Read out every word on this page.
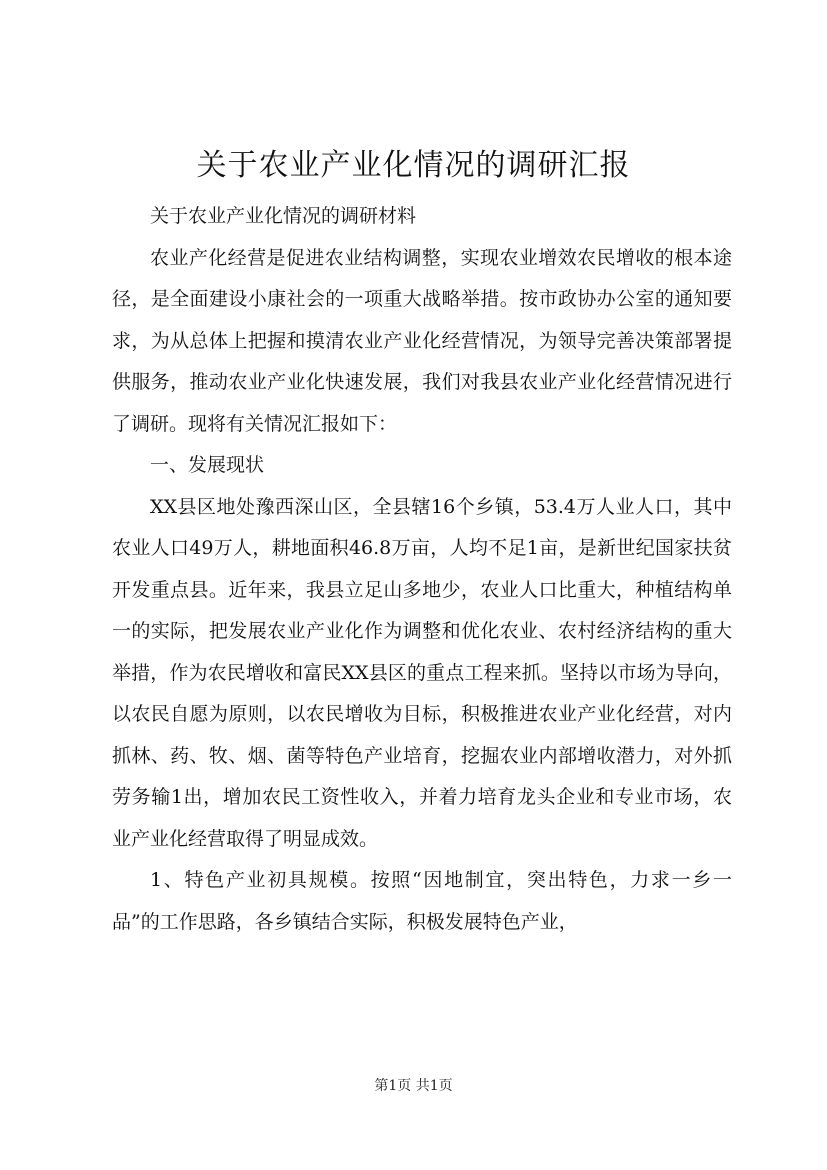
关于农业产业化情况的调研汇报

关于农业产业化情况的调研材料

农业产化经营是促进农业结构调整，实现农业增效农民增收的根本途径，是全面建设小康社会的一项重大战略举措。按市政协办公室的通知要求，为从总体上把握和摸清农业产业化经营情况，为领导完善决策部署提供服务，推动农业产业化快速发展，我们对我县农业产业化经营情况进行了调研。现将有关情况汇报如下：

一、发展现状

XX县区地处豫西深山区，全县辖16个乡镇，53.4万人业人口，其中农业人口49万人，耕地面积46.8万亩，人均不足1亩，是新世纪国家扶贫开发重点县。近年来，我县立足山多地少，农业人口比重大，种植结构单一的实际，把发展农业产业化作为调整和优化农业、农村经济结构的重大举措，作为农民增收和富民XX县区的重点工程来抓。坚持以市场为导向，以农民自愿为原则，以农民增收为目标，积极推进农业产业化经营，对内抓林、药、牧、烟、菌等特色产业培育，挖掘农业内部增收潜力，对外抓劳务输1出，增加农民工资性收入，并着力培育龙头企业和专业市场，农业产业化经营取得了明显成效。

1、特色产业初具规模。按照“因地制宜，突出特色，力求一乡一品”的工作思路，各乡镇结合实际，积极发展特色产业，

第1页 共1页
